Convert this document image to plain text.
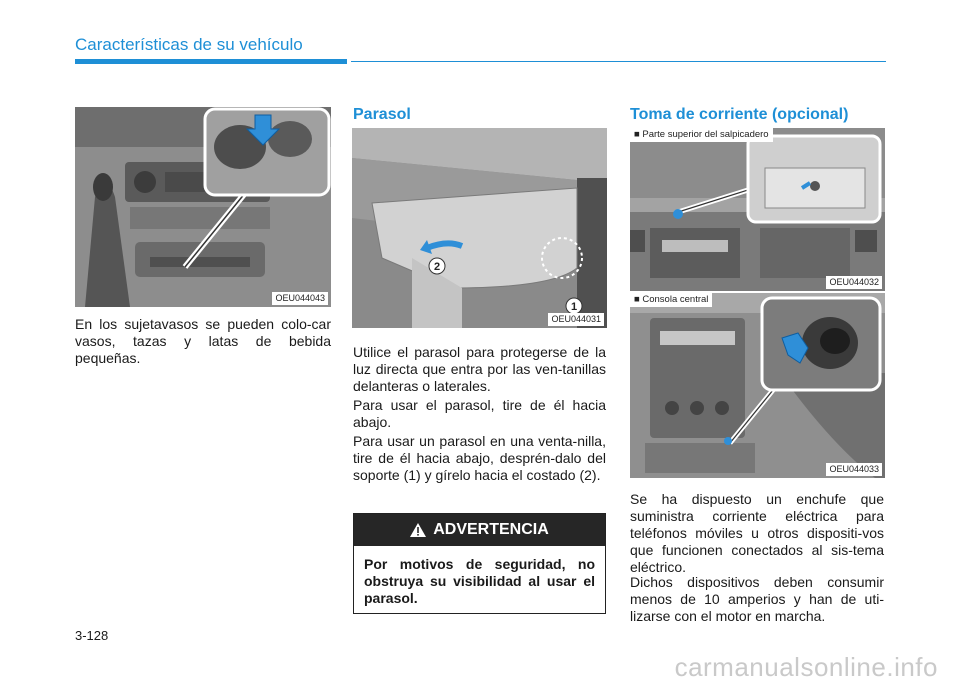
Características de su vehículo
OEU044043

En los sujetavasos se pueden colo-car vasos, tazas y latas de bebida pequeñas.

Parasol
2
1
OEU044031

Utilice el parasol para protegerse de la luz directa que entra por las ven-tanillas delanteras o laterales.

Para usar el parasol, tire de él hacia abajo.

Para usar un parasol en una venta-nilla, tire de él hacia abajo, desprén-dalo del soporte (1) y gírelo hacia el costado (2).

ADVERTENCIA
Por motivos de seguridad, no obstruya su visibilidad al usar el parasol.
Toma de corriente (opcional)
■ Parte superior del salpicadero
OEU044032
■ Consola central
OEU044033

Se ha dispuesto un enchufe que suministra corriente eléctrica para teléfonos móviles u otros dispositi-vos que funcionen conectados al sis-tema eléctrico.

Dichos dispositivos deben consumir menos de 10 amperios y han de uti-lizarse con el motor en marcha.

3-128
carmanualsonline.info
